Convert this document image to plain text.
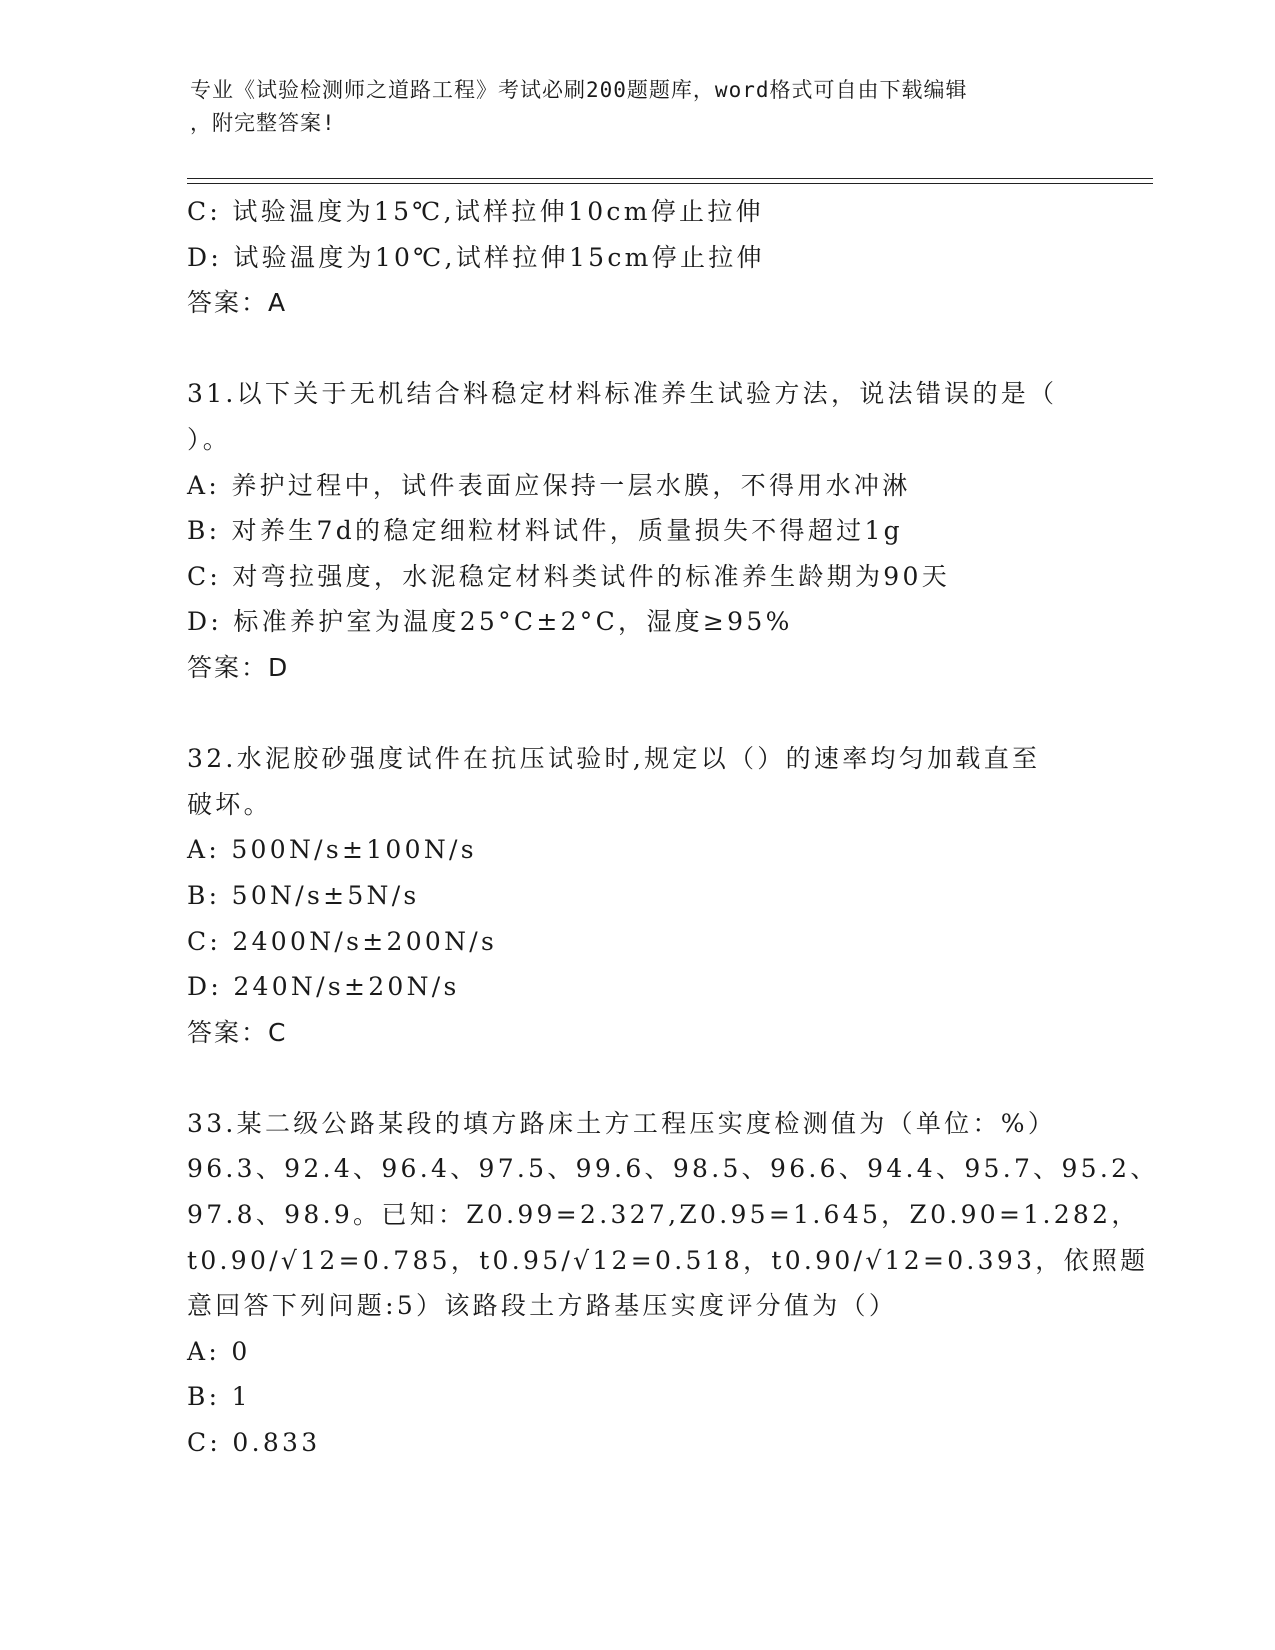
专业《试验检测师之道路工程》考试必刷200题题库，word格式可自由下载编辑
，附完整答案!
C: 试验温度为15℃,试样拉伸10cm停止拉伸
D: 试验温度为10℃,试样拉伸15cm停止拉伸
答案：A
31.以下关于无机结合料稳定材料标准养生试验方法，说法错误的是（
）。
A: 养护过程中，试件表面应保持一层水膜，不得用水冲淋
B: 对养生7d的稳定细粒材料试件，质量损失不得超过1g
C: 对弯拉强度，水泥稳定材料类试件的标准养生龄期为90天
D: 标准养护室为温度25°C±2°C，湿度≥95%
答案：D
32.水泥胶砂强度试件在抗压试验时,规定以（）的速率均匀加载直至
破坏。
A: 500N/s±100N/s
B: 50N/s±5N/s
C: 2400N/s±200N/s
D: 240N/s±20N/s
答案：C
33.某二级公路某段的填方路床土方工程压实度检测值为（单位：%）
96.3、92.4、96.4、97.5、99.6、98.5、96.6、94.4、95.7、95.2、
97.8、98.9。已知：Z0.99=2.327,Z0.95=1.645，Z0.90=1.282，
t0.90/√12=0.785，t0.95/√12=0.518，t0.90/√12=0.393，依照题
意回答下列问题:5）该路段土方路基压实度评分值为（）
A: 0
B: 1
C: 0.833
